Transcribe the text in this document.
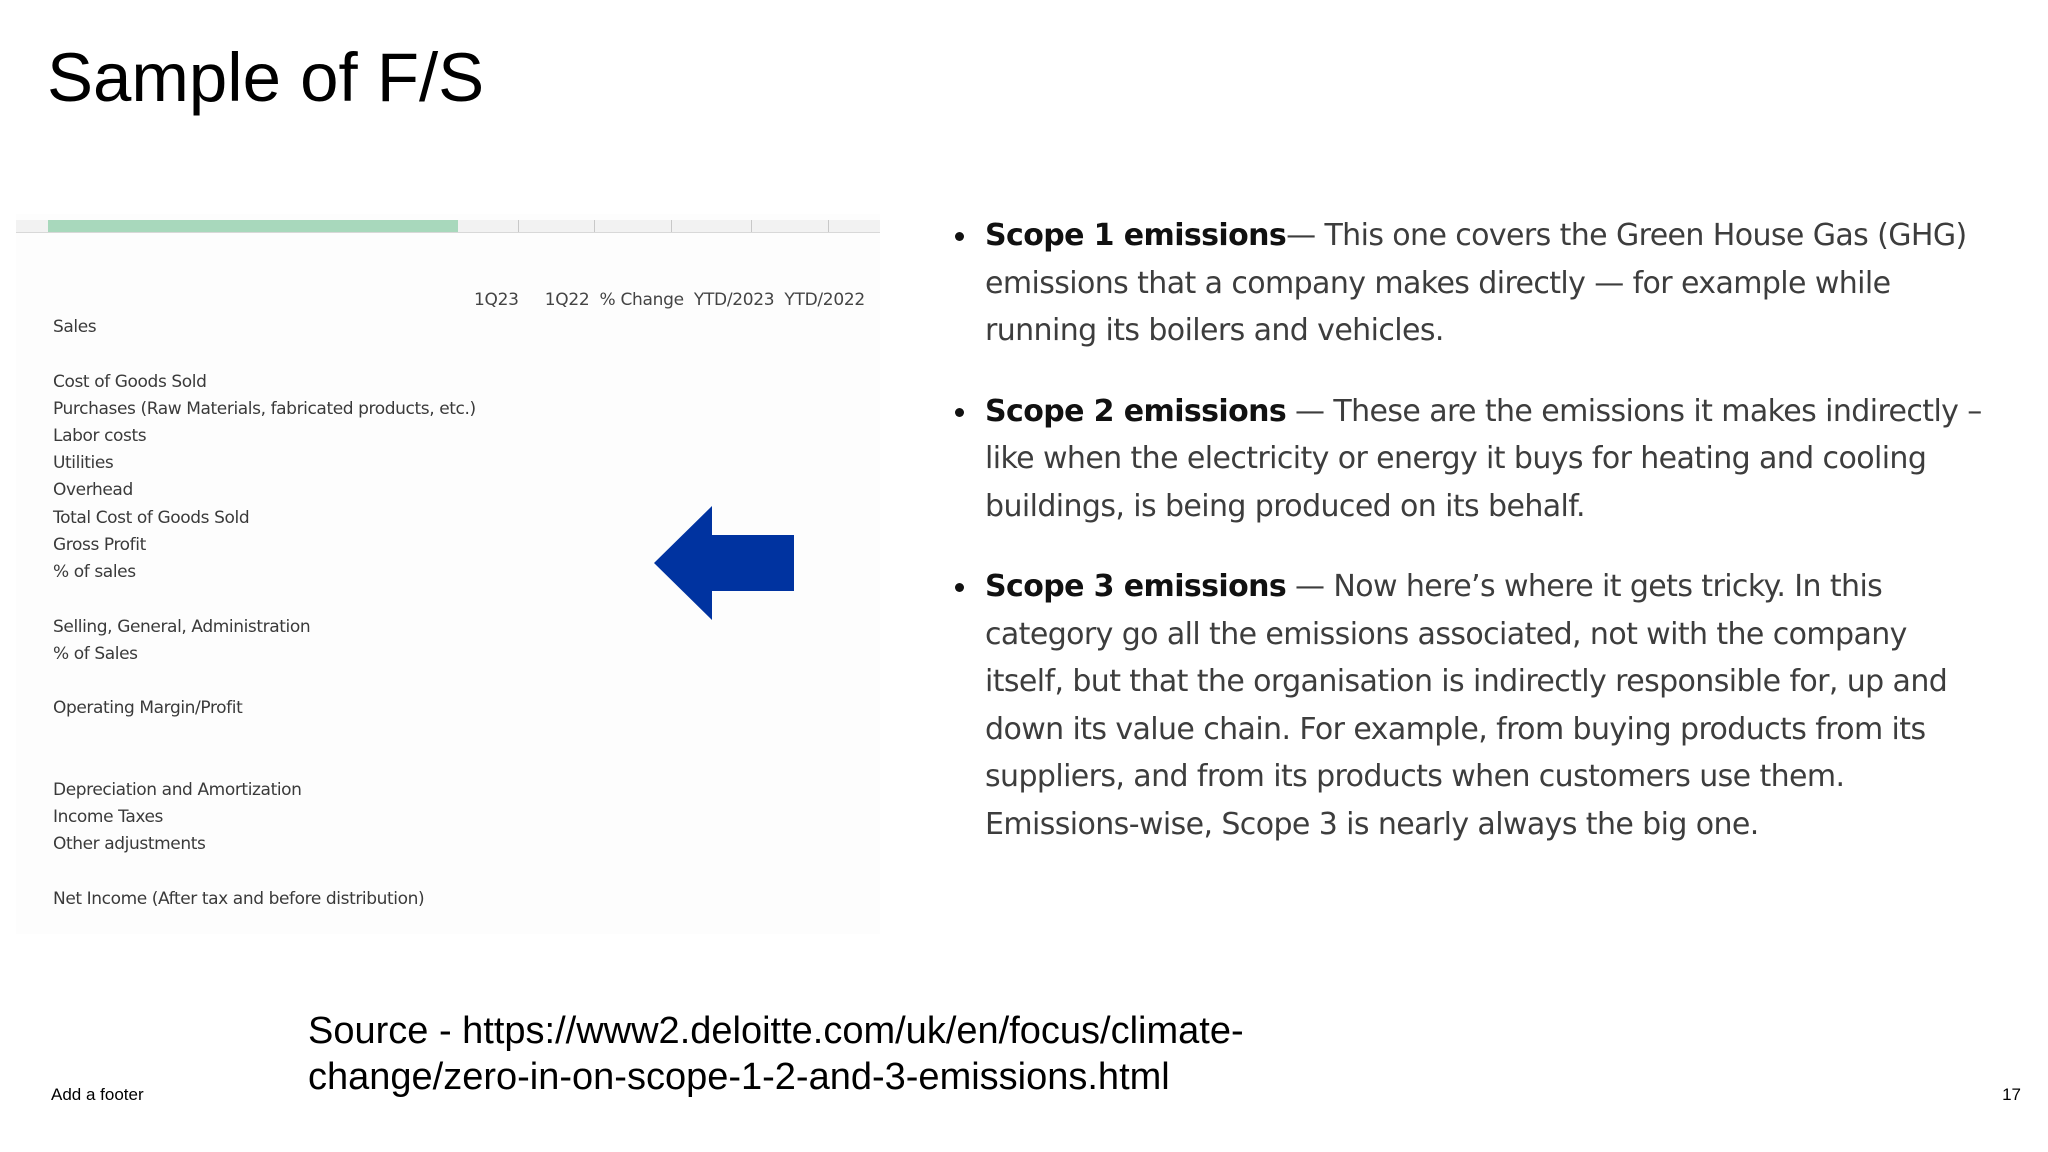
Sample of F/S
1Q23 1Q22 % Change YTD/2023 YTD/2022
Sales
Cost of Goods Sold
Purchases (Raw Materials, fabricated products, etc.)
Labor costs
Utilities
Overhead
Total Cost of Goods Sold
Gross Profit
% of sales
Selling, General, Administration
% of Sales
Operating Margin/Profit
Depreciation and Amortization
Income Taxes
Other adjustments
Net Income (After tax and before distribution)
Scope 1 emissions— This one covers the Green House Gas (GHG) emissions that a company makes directly — for example while running its boilers and vehicles.
Scope 2 emissions — These are the emissions it makes indirectly – like when the electricity or energy it buys for heating and cooling buildings, is being produced on its behalf.
Scope 3 emissions — Now here’s where it gets tricky. In this category go all the emissions associated, not with the company itself, but that the organisation is indirectly responsible for, up and down its value chain. For example, from buying products from its suppliers, and from its products when customers use them. Emissions-wise, Scope 3 is nearly always the big one.
Source - https://www2.deloitte.com/uk/en/focus/climate-change/zero-in-on-scope-1-2-and-3-emissions.html
Add a footer	17
